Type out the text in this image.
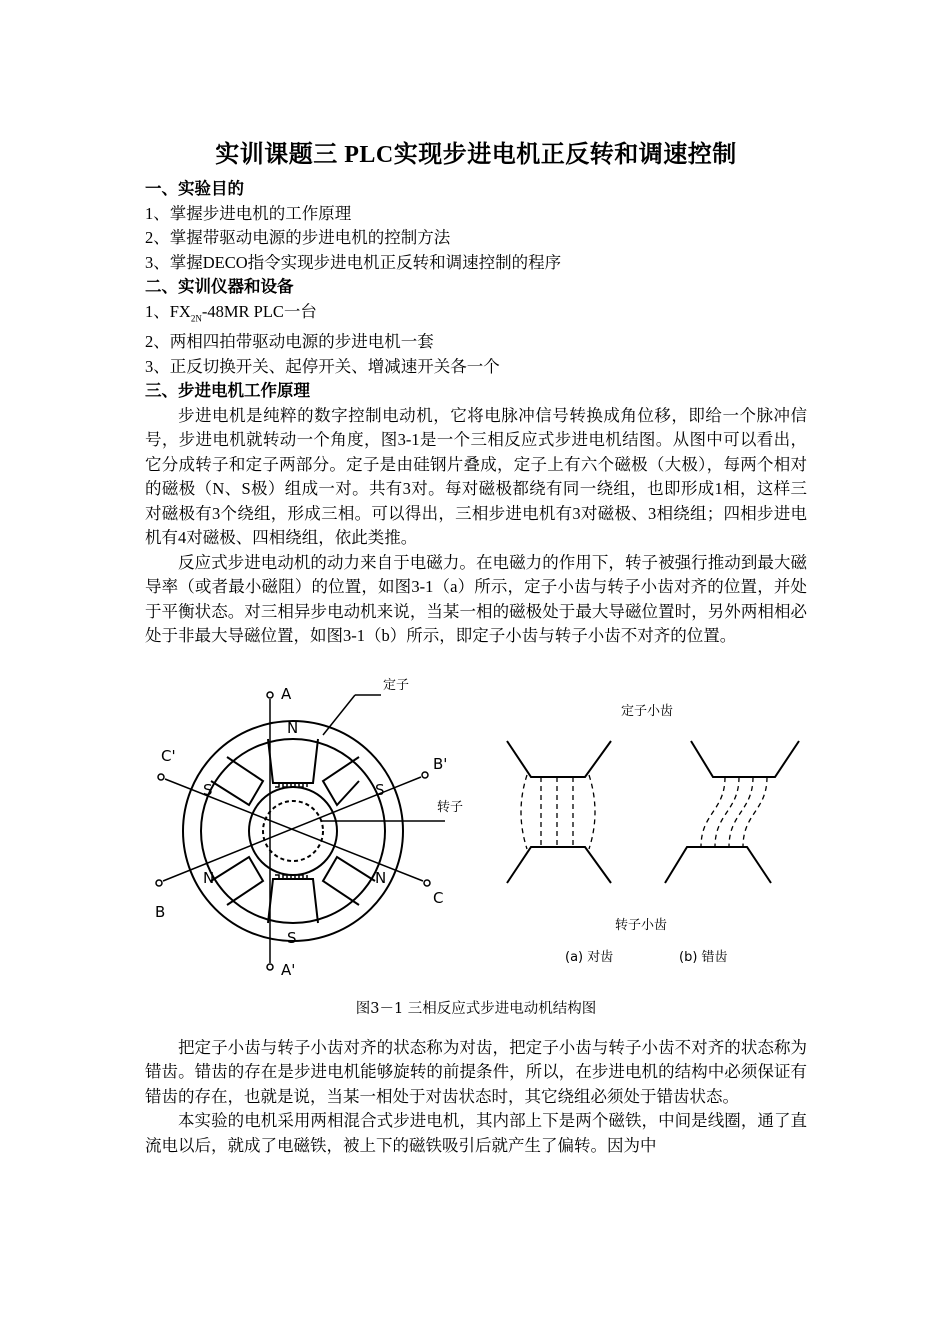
实训课题三 PLC实现步进电机正反转和调速控制
一、实验目的
1、掌握步进电机的工作原理
2、掌握带驱动电源的步进电机的控制方法
3、掌握DECO指令实现步进电机正反转和调速控制的程序
二、实训仪器和设备
1、$FX_{2N}-48MR$ PLC一台
2、两相四拍带驱动电源的步进电机一套
3、正反切换开关、起停开关、增减速开关各一个
三、步进电机工作原理

步进电机是纯粹的数字控制电动机，它将电脉冲信号转换成角位移，即给一个脉冲信号，步进电机就转动一个角度，图3-1是一个三相反应式步进电机结图。从图中可以看出，它分成转子和定子两部分。定子是由硅钢片叠成，定子上有六个磁极（大极），每两个相对的磁极（N、S极）组成一对。共有3对。每对磁极都绕有同一绕组，也即形成1相，这样三对磁极有3个绕组，形成三相。可以得出，三相步进电机有3对磁极、3相绕组；四相步进电机有4对磁极、四相绕组，依此类推。

反应式步进电动机的动力来自于电磁力。在电磁力的作用下，转子被强行推动到最大磁导率（或者最小磁阻）的位置，如图3-1（a）所示，定子小齿与转子小齿对齐的位置，并处于平衡状态。对三相异步电动机来说，当某一相的磁极处于最大导磁位置时，另外两相相必处于非最大导磁位置，如图3-1（b）所示，即定子小齿与转子小齿不对齐的位置。

A
A'
B
B'
C
C'
N
S
S	S
N	N
定子
转子
定子小齿
转子小齿
(a) 对齿	(b) 错齿
图3－1 三相反应式步进电动机结构图

把定子小齿与转子小齿对齐的状态称为对齿，把定子小齿与转子小齿不对齐的状态称为错齿。错齿的存在是步进电机能够旋转的前提条件，所以，在步进电机的结构中必须保证有错齿的存在，也就是说，当某一相处于对齿状态时，其它绕组必须处于错齿状态。

本实验的电机采用两相混合式步进电机，其内部上下是两个磁铁，中间是线圈，通了直流电以后，就成了电磁铁，被上下的磁铁吸引后就产生了偏转。因为中
